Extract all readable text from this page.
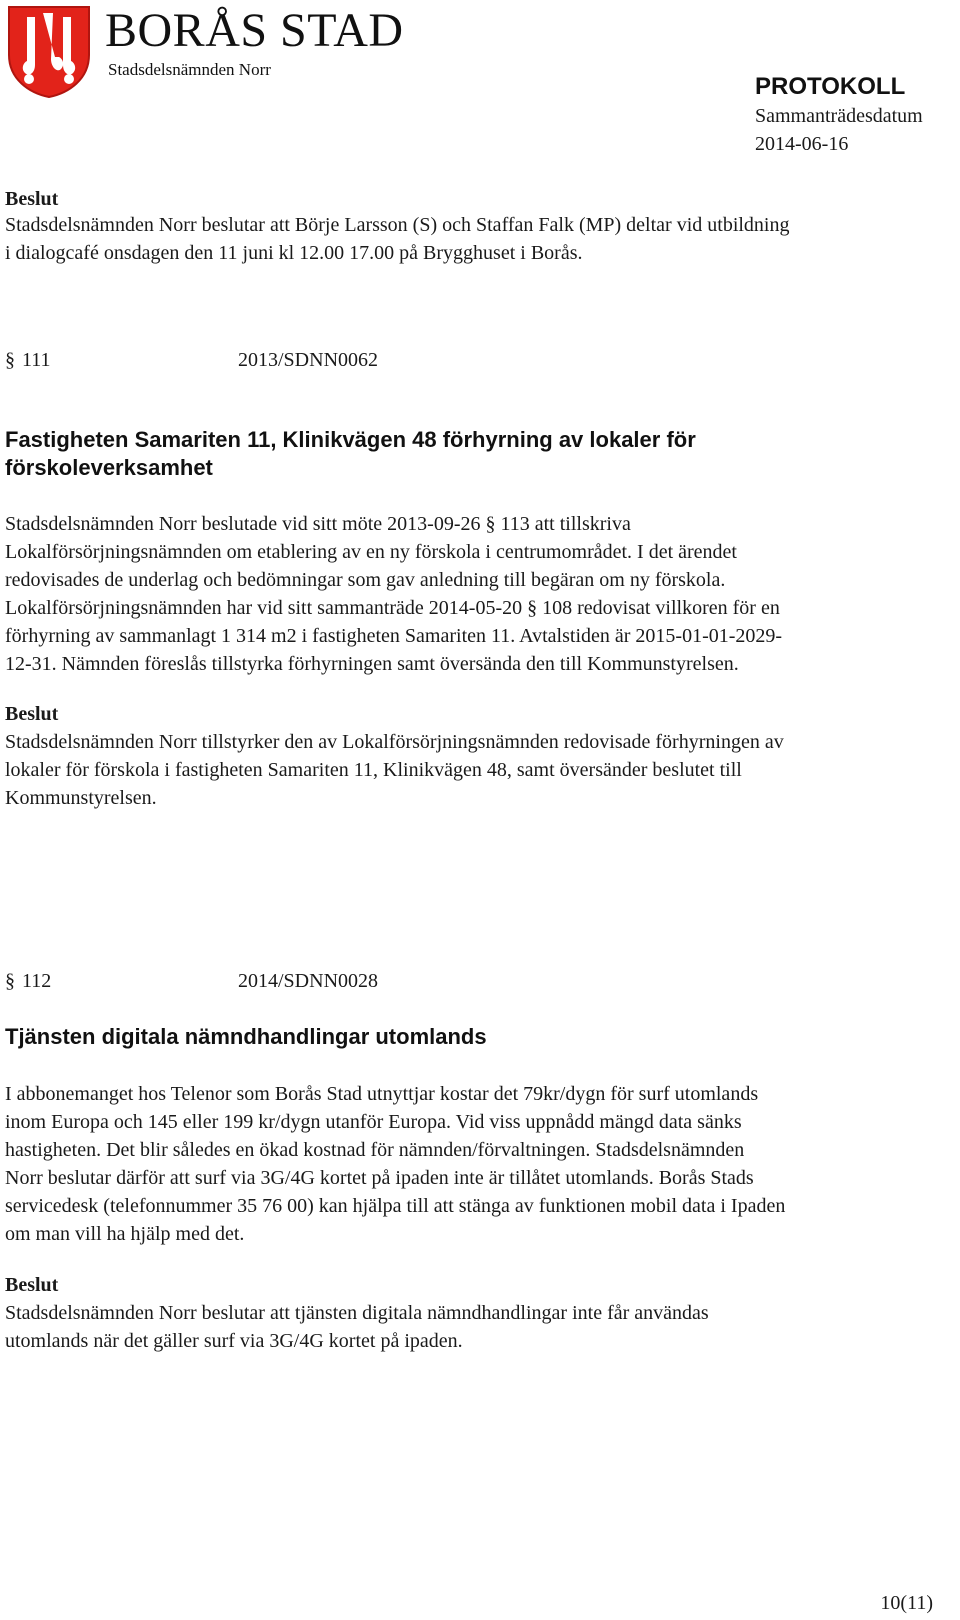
BORÅS STAD
Stadsdelsnämnden Norr
PROTOKOLL
Sammanträdesdatum
2014-06-16
Beslut
Stadsdelsnämnden Norr beslutar att Börje Larsson (S) och Staffan Falk (MP) deltar vid utbildning
i dialogcafé onsdagen den 11 juni kl 12.00 17.00 på Brygghuset i Borås.
§ 111	2013/SDNN0062
Fastigheten Samariten 11, Klinikvägen 48 förhyrning av lokaler för
förskoleverksamhet
Stadsdelsnämnden Norr beslutade vid sitt möte 2013-09-26 § 113 att tillskriva
Lokalförsörjningsnämnden om etablering av en ny förskola i centrumområdet. I det ärendet
redovisades de underlag och bedömningar som gav anledning till begäran om ny förskola.
Lokalförsörjningsnämnden har vid sitt sammanträde 2014-05-20 § 108 redovisat villkoren för en
förhyrning av sammanlagt 1 314 m2 i fastigheten Samariten 11. Avtalstiden är 2015-01-01-2029-
12-31. Nämnden föreslås tillstyrka förhyrningen samt översända den till Kommunstyrelsen.
Beslut
Stadsdelsnämnden Norr tillstyrker den av Lokalförsörjningsnämnden redovisade förhyrningen av
lokaler för förskola i fastigheten Samariten 11, Klinikvägen 48, samt översänder beslutet till
Kommunstyrelsen.
§ 112	2014/SDNN0028
Tjänsten digitala nämndhandlingar utomlands
I abbonemanget hos Telenor som Borås Stad utnyttjar kostar det 79kr/dygn för surf utomlands
inom Europa och 145 eller 199 kr/dygn utanför Europa. Vid viss uppnådd mängd data sänks
hastigheten. Det blir således en ökad kostnad för nämnden/förvaltningen. Stadsdelsnämnden
Norr beslutar därför att surf via 3G/4G kortet på ipaden inte är tillåtet utomlands. Borås Stads
servicedesk (telefonnummer 35 76 00) kan hjälpa till att stänga av funktionen mobil data i Ipaden
om man vill ha hjälp med det.
Beslut
Stadsdelsnämnden Norr beslutar att tjänsten digitala nämndhandlingar inte får användas
utomlands när det gäller surf via 3G/4G kortet på ipaden.
10(11)
